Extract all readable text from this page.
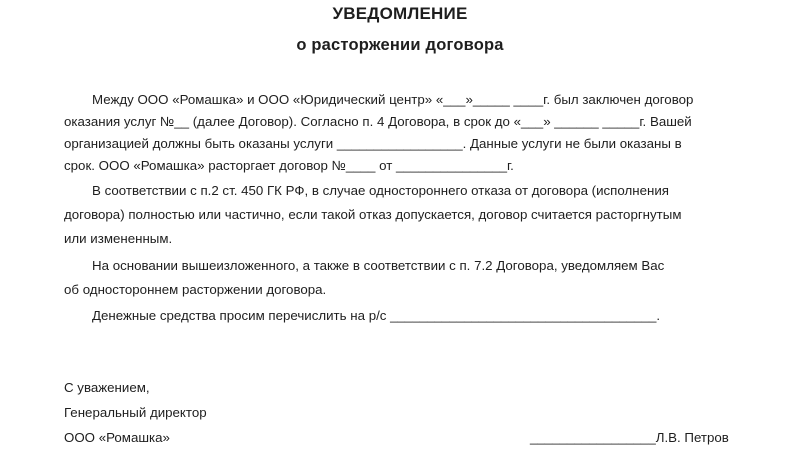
УВЕДОМЛЕНИЕ
о расторжении договора
Между ООО «Ромашка» и ООО «Юридический центр» «___»_____ ____г. был заключен договор
оказания услуг №__ (далее Договор). Согласно п. 4 Договора, в срок до «___» ______ _____г. Вашей
организацией должны быть оказаны услуги _________________. Данные услуги не были оказаны в
срок. ООО «Ромашка» расторгает договор №____ от _______________г.
В соответствии с п.2 ст. 450 ГК РФ, в случае одностороннего отказа от договора (исполнения
договора) полностью или частично, если такой отказ допускается, договор считается расторгнутым
или измененным.
На основании вышеизложенного, а также в соответствии с п. 7.2 Договора, уведомляем Вас
об одностороннем расторжении договора.
Денежные средства просим перечислить на р/с ____________________________________.
С уважением,
Генеральный директор
ООО «Ромашка»	_________________Л.В. Петров
